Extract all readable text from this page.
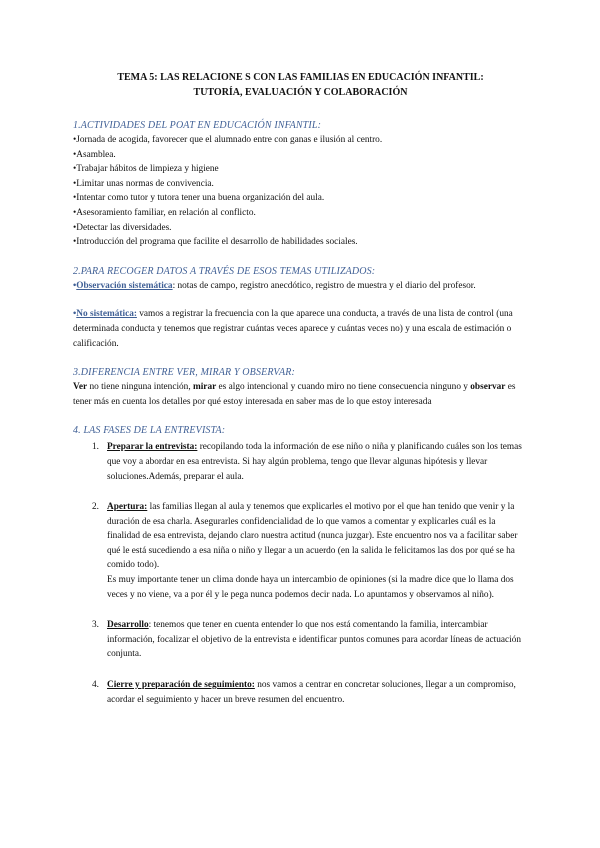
TEMA 5: LAS RELACIONE S CON LAS FAMILIAS EN EDUCACIÓN INFANTIL:
TUTORÍA, EVALUACIÓN Y COLABORACIÓN
1.ACTIVIDADES DEL POAT EN EDUCACIÓN INFANTIL:
•Jornada de acogida, favorecer que el alumnado entre con ganas e ilusión al centro.
•Asamblea.
•Trabajar hábitos de limpieza y higiene
•Limitar unas normas de convivencia.
•Intentar como tutor y tutora tener una buena organización del aula.
•Asesoramiento familiar, en relación al conflicto.
•Detectar las diversidades.
•Introducción del programa que facilite el desarrollo de habilidades sociales.
2.PARA RECOGER DATOS A TRAVÉS DE ESOS TEMAS UTILIZADOS:

•Observación sistemática: notas de campo, registro anecdótico, registro de muestra y el diario del profesor.

•No sistemática: vamos a registrar la frecuencia con la que aparece una conducta, a través de una lista de control (una determinada conducta y tenemos que registrar cuántas veces aparece y cuántas veces no) y una escala de estimación o calificación.

3.DIFERENCIA ENTRE VER, MIRAR Y OBSERVAR:

Ver no tiene ninguna intención, mirar es algo intencional y cuando miro no tiene consecuencia ninguno y observar es tener más en cuenta los detalles por qué estoy interesada en saber mas de lo que estoy interesada

4. LAS FASES DE LA ENTREVISTA:
1. Preparar la entrevista: recopilando toda la información de ese niño o niña y planificando cuáles son los temas que voy a abordar en esa entrevista. Si hay algún problema, tengo que llevar algunas hipótesis y llevar soluciones.Además, preparar el aula.
2. Apertura: las familias llegan al aula y tenemos que explicarles el motivo por el que han tenido que venir y la duración de esa charla. Asegurarles confidencialidad de lo que vamos a comentar y explicarles cuál es la finalidad de esa entrevista, dejando claro nuestra actitud (nunca juzgar). Este encuentro nos va a facilitar saber qué le está sucediendo a esa niña o niño y llegar a un acuerdo (en la salida le felicitamos las dos por qué se ha comido todo).
Es muy importante tener un clima donde haya un intercambio de opiniones (si la madre dice que lo llama dos veces y no viene, va a por él y le pega nunca podemos decir nada. Lo apuntamos y observamos al niño).
3. Desarrollo: tenemos que tener en cuenta entender lo que nos está comentando la familia, intercambiar información, focalizar el objetivo de la entrevista e identificar puntos comunes para acordar líneas de actuación conjunta.
4. Cierre y preparación de seguimiento: nos vamos a centrar en concretar soluciones, llegar a un compromiso, acordar el seguimiento y hacer un breve resumen del encuentro.
